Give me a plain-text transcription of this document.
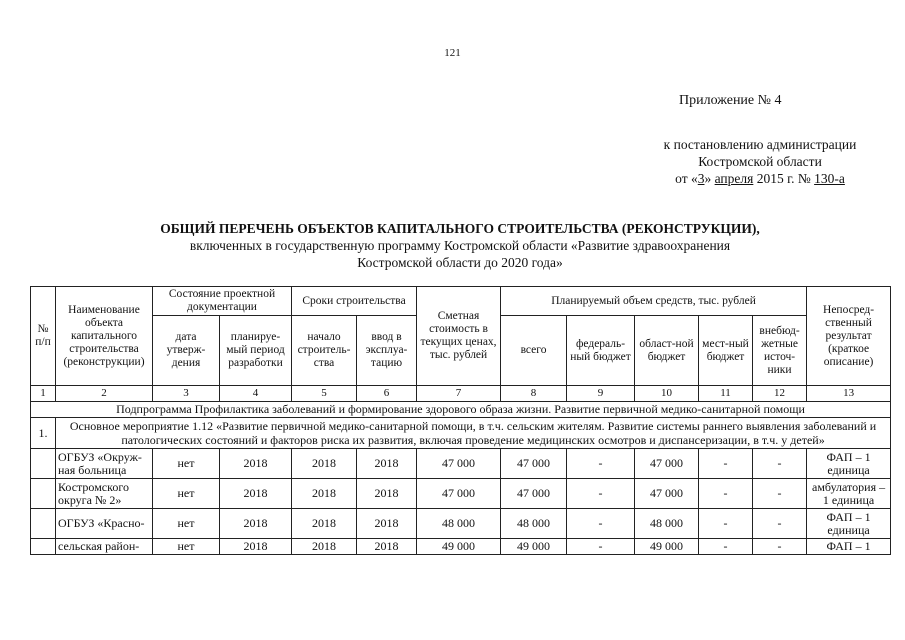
121
Приложение № 4
к постановлению администрации
Костромской области
от «3» апреля 2015 г. № 130-а
ОБЩИЙ ПЕРЕЧЕНЬ ОБЪЕКТОВ КАПИТАЛЬНОГО СТРОИТЕЛЬСТВА (РЕКОНСТРУКЦИИ),
включенных в государственную программу Костромской области «Развитие здравоохранения
Костромской области до 2020 года»
№ п/п	Наименование объекта капитального строительства (реконструкции)	Состояние проектной документации		Сроки строительства		Сметная стоимость в текущих ценах, тыс. рублей	Планируемый объем средств, тыс. рублей					Непосред-ственный результат (краткое описание)
		дата утверж-дения	планируе-мый период разработки	начало строитель-ства	ввод в эксплуа-тацию		всего	федераль-ный бюджет	област-ной бюджет	мест-ный бюджет	внебюд-жетные источ-ники	
1	2	3	4	5	6	7	8	9	10	11	12	13
Подпрограмма Профилактика заболеваний и формирование здорового образа жизни. Развитие первичной медико-санитарной помощи												
1.	Основное мероприятие 1.12 «Развитие первичной медико-санитарной помощи, в т.ч. сельским жителям. Развитие системы раннего выявления заболеваний и патологических состояний и факторов риска их развития, включая проведение медицинских осмотров и диспансеризации, в т.ч. у детей»											
	ОГБУЗ «Окруж-ная больница	нет	2018	2018	2018	47 000	47 000	-	47 000	-	-	ФАП – 1 единица
	Костромского округа № 2»	нет	2018	2018	2018	47 000	47 000	-	47 000	-	-	амбулатория – 1 единица
	ОГБУЗ «Красно-	нет	2018	2018	2018	48 000	48 000	-	48 000	-	-	ФАП – 1 единица
	сельская район-	нет	2018	2018	2018	49 000	49 000	-	49 000	-	-	ФАП – 1
